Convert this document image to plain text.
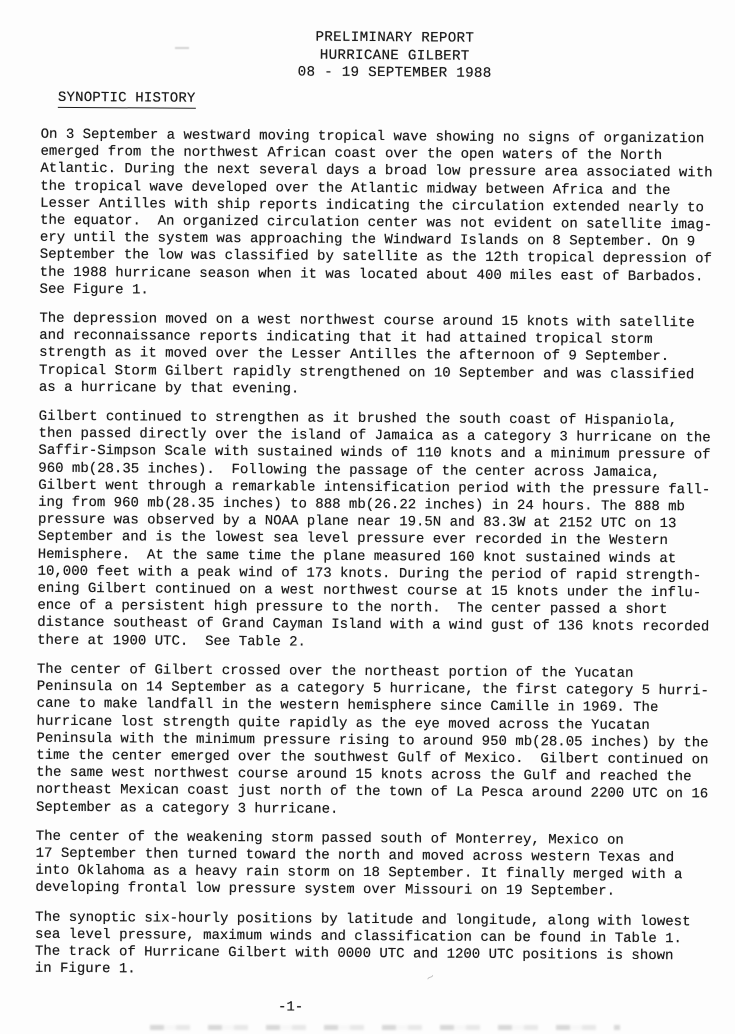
PRELIMINARY REPORT
HURRICANE GILBERT
08 - 19 SEPTEMBER 1988
SYNOPTIC HISTORY

On 3 September a westward moving tropical wave showing no signs of organization
emerged from the northwest African coast over the open waters of the North
Atlantic. During the next several days a broad low pressure area associated with
the tropical wave developed over the Atlantic midway between Africa and the
Lesser Antilles with ship reports indicating the circulation extended nearly to
the equator.  An organized circulation center was not evident on satellite imag-
ery until the system was approaching the Windward Islands on 8 September. On 9
September the low was classified by satellite as the 12th tropical depression of
the 1988 hurricane season when it was located about 400 miles east of Barbados.
See Figure 1.

The depression moved on a west northwest course around 15 knots with satellite
and reconnaissance reports indicating that it had attained tropical storm
strength as it moved over the Lesser Antilles the afternoon of 9 September.
Tropical Storm Gilbert rapidly strengthened on 10 September and was classified
as a hurricane by that evening.

Gilbert continued to strengthen as it brushed the south coast of Hispaniola,
then passed directly over the island of Jamaica as a category 3 hurricane on the
Saffir-Simpson Scale with sustained winds of 110 knots and a minimum pressure of
960 mb(28.35 inches).  Following the passage of the center across Jamaica,
Gilbert went through a remarkable intensification period with the pressure fall-
ing from 960 mb(28.35 inches) to 888 mb(26.22 inches) in 24 hours. The 888 mb
pressure was observed by a NOAA plane near 19.5N and 83.3W at 2152 UTC on 13
September and is the lowest sea level pressure ever recorded in the Western
Hemisphere.  At the same time the plane measured 160 knot sustained winds at
10,000 feet with a peak wind of 173 knots. During the period of rapid strength-
ening Gilbert continued on a west northwest course at 15 knots under the influ-
ence of a persistent high pressure to the north.  The center passed a short
distance southeast of Grand Cayman Island with a wind gust of 136 knots recorded
there at 1900 UTC.  See Table 2.

The center of Gilbert crossed over the northeast portion of the Yucatan
Peninsula on 14 September as a category 5 hurricane, the first category 5 hurri-
cane to make landfall in the western hemisphere since Camille in 1969. The
hurricane lost strength quite rapidly as the eye moved across the Yucatan
Peninsula with the minimum pressure rising to around 950 mb(28.05 inches) by the
time the center emerged over the southwest Gulf of Mexico.  Gilbert continued on
the same west northwest course around 15 knots across the Gulf and reached the
northeast Mexican coast just north of the town of La Pesca around 2200 UTC on 16
September as a category 3 hurricane.

The center of the weakening storm passed south of Monterrey, Mexico on
17 September then turned toward the north and moved across western Texas and
into Oklahoma as a heavy rain storm on 18 September. It finally merged with a
developing frontal low pressure system over Missouri on 19 September.

The synoptic six-hourly positions by latitude and longitude, along with lowest
sea level pressure, maximum winds and classification can be found in Table 1.
The track of Hurricane Gilbert with 0000 UTC and 1200 UTC positions is shown
in Figure 1.

-1-
~
